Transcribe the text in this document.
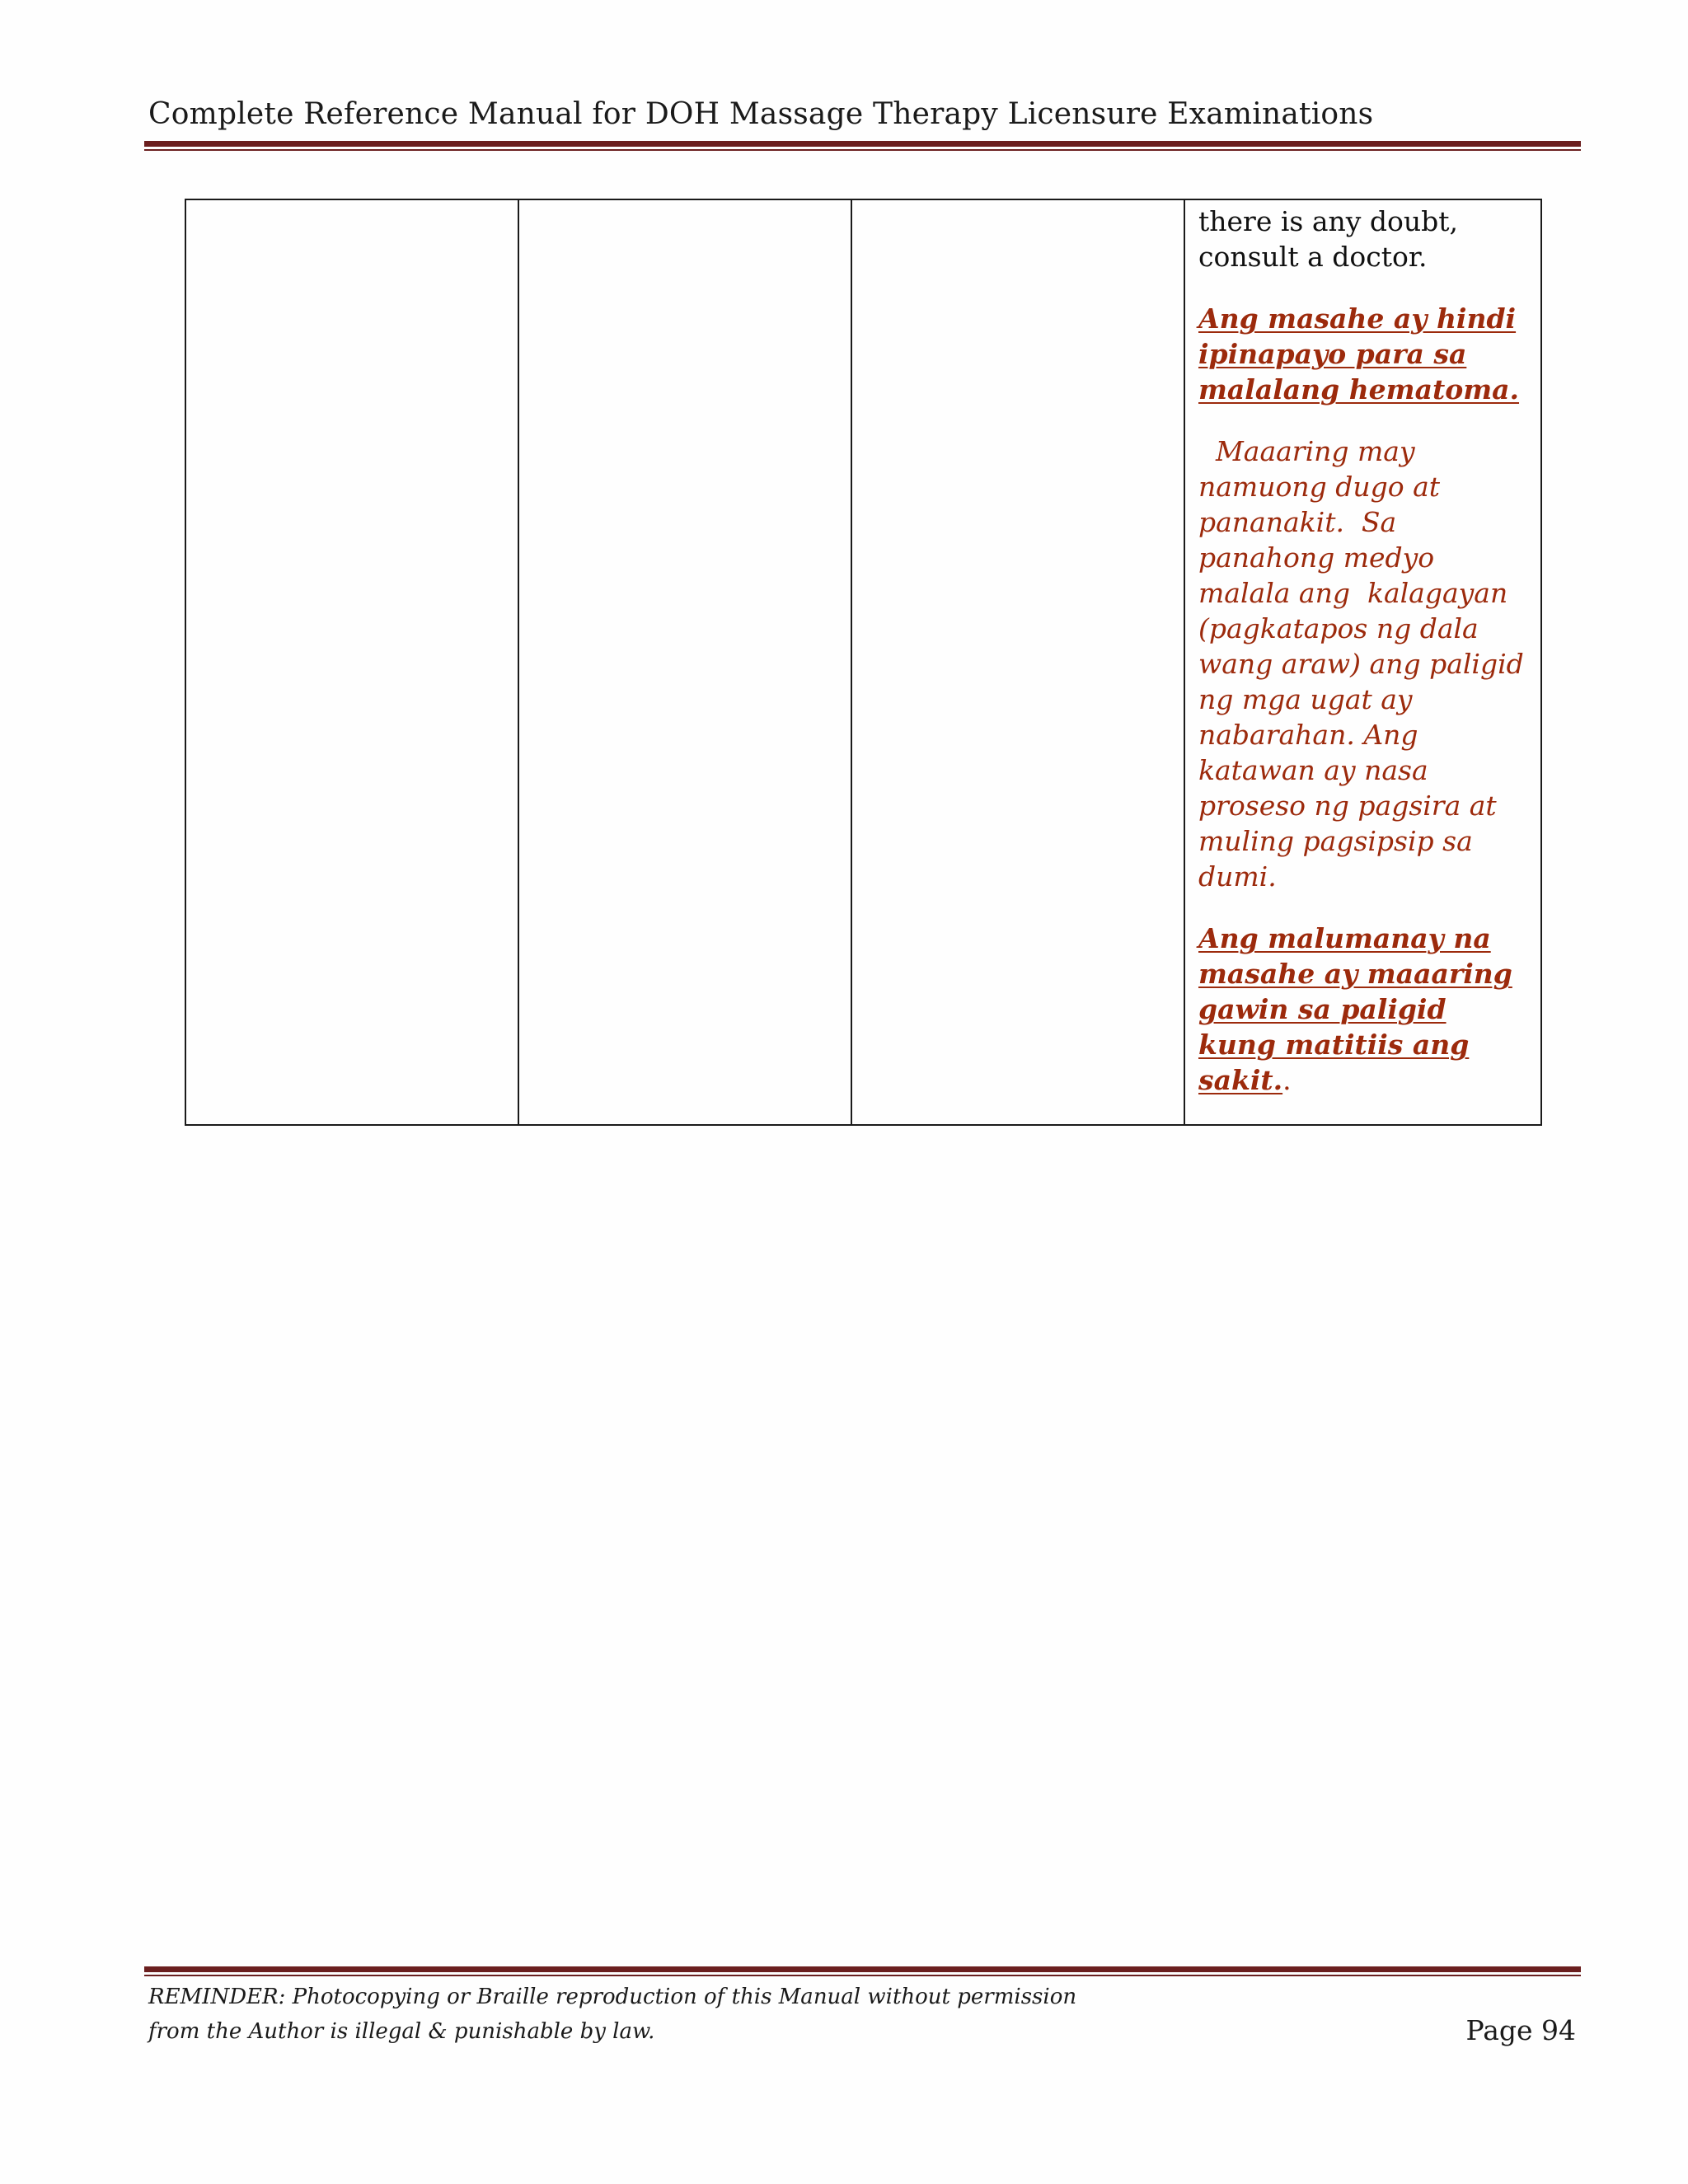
Complete Reference Manual for DOH Massage Therapy Licensure Examinations

there is any doubt, consult a doctor.

Ang masahe ay hindi ipinapayo para sa malalang hematoma.

Maaaring may namuong dugo at pananakit.  Sa panahong medyo malala ang  kalagayan (pagkatapos ng dala wang araw) ang paligid ng mga ugat ay nabarahan. Ang katawan ay nasa proseso ng pagsira at muling pagsipsip sa dumi.

Ang malumanay na masahe ay maaaring gawin sa paligid kung matitiis ang sakit..

REMINDER: Photocopying or Braille reproduction of this Manual without permission
from the Author is illegal & punishable by law.	Page 94
